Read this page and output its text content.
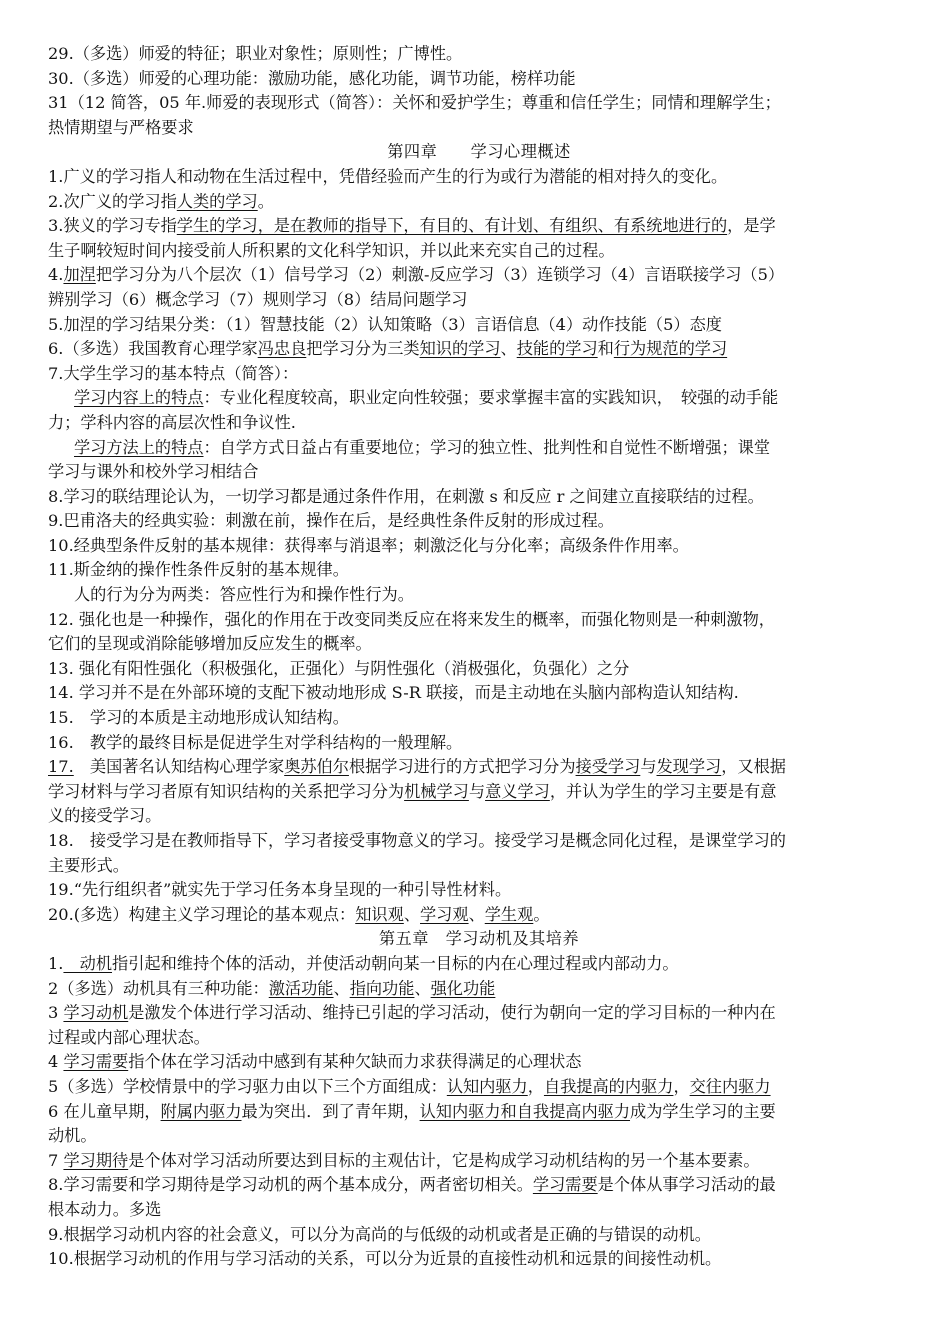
29.（多选）师爱的特征；职业对象性；原则性；广博性。
30.（多选）师爱的心理功能：激励功能，感化功能，调节功能，榜样功能
31（12 简答，05 年.师爱的表现形式（简答）：关怀和爱护学生；尊重和信任学生；同情和理解学生；
热情期望与严格要求
第四章　　学习心理概述
1.广义的学习指人和动物在生活过程中，凭借经验而产生的行为或行为潜能的相对持久的变化。
2.次广义的学习指人类的学习。
3.狭义的学习专指学生的学习，是在教师的指导下，有目的、有计划、有组织、有系统地进行的，是学
生子啊较短时间内接受前人所积累的文化科学知识，并以此来充实自己的过程。
4.加涅把学习分为八个层次（1）信号学习（2）刺激-反应学习（3）连锁学习（4）言语联接学习（5）
辨别学习（6）概念学习（7）规则学习（8）结局问题学习
5.加涅的学习结果分类：（1）智慧技能（2）认知策略（3）言语信息（4）动作技能（5）态度
6.（多选）我国教育心理学家冯忠良把学习分为三类知识的学习、技能的学习和行为规范的学习
7.大学生学习的基本特点（简答）：
学习内容上的特点：专业化程度较高，职业定向性较强；要求掌握丰富的实践知识，　较强的动手能
力；学科内容的高层次性和争议性.
学习方法上的特点：自学方式日益占有重要地位；学习的独立性、批判性和自觉性不断增强；课堂
学习与课外和校外学习相结合
8.学习的联结理论认为，一切学习都是通过条件作用，在刺激 s 和反应 r 之间建立直接联结的过程。
9.巴甫洛夫的经典实验：刺激在前，操作在后，是经典性条件反射的形成过程。
10.经典型条件反射的基本规律：获得率与消退率；刺激泛化与分化率；高级条件作用率。
11.斯金纳的操作性条件反射的基本规律。
人的行为分为两类：答应性行为和操作性行为。
12. 强化也是一种操作，强化的作用在于改变同类反应在将来发生的概率，而强化物则是一种刺激物，
它们的呈现或消除能够增加反应发生的概率。
13. 强化有阳性强化（积极强化，正强化）与阴性强化（消极强化，负强化）之分
14. 学习并不是在外部环境的支配下被动地形成 S-R 联接，而是主动地在头脑内部构造认知结构.
15.　学习的本质是主动地形成认知结构。
16.　教学的最终目标是促进学生对学科结构的一般理解。
17.　美国著名认知结构心理学家奥苏伯尔根据学习进行的方式把学习分为接受学习与发现学习，又根据
学习材料与学习者原有知识结构的关系把学习分为机械学习与意义学习，并认为学生的学习主要是有意
义的接受学习。
18.　接受学习是在教师指导下，学习者接受事物意义的学习。接受学习是概念同化过程，是课堂学习的
主要形式。
19.“先行组织者”就实先于学习任务本身呈现的一种引导性材料。
20.(多选）构建主义学习理论的基本观点：知识观、学习观、学生观。
第五章　学习动机及其培养
1.　动机指引起和维持个体的活动，并使活动朝向某一目标的内在心理过程或内部动力。
2（多选）动机具有三种功能：激活功能、指向功能、强化功能
3 学习动机是激发个体进行学习活动、维持已引起的学习活动，使行为朝向一定的学习目标的一种内在
过程或内部心理状态。
4 学习需要指个体在学习活动中感到有某种欠缺而力求获得满足的心理状态
5（多选）学校情景中的学习驱力由以下三个方面组成：认知内驱力，自我提高的内驱力，交往内驱力
6 在儿童早期，附属内驱力最为突出．到了青年期，认知内驱力和自我提高内驱力成为学生学习的主要
动机。
7 学习期待是个体对学习活动所要达到目标的主观估计，它是构成学习动机结构的另一个基本要素。
8.学习需要和学习期待是学习动机的两个基本成分，两者密切相关。学习需要是个体从事学习活动的最
根本动力。多选
9.根据学习动机内容的社会意义，可以分为高尚的与低级的动机或者是正确的与错误的动机。
10.根据学习动机的作用与学习活动的关系，可以分为近景的直接性动机和远景的间接性动机。
